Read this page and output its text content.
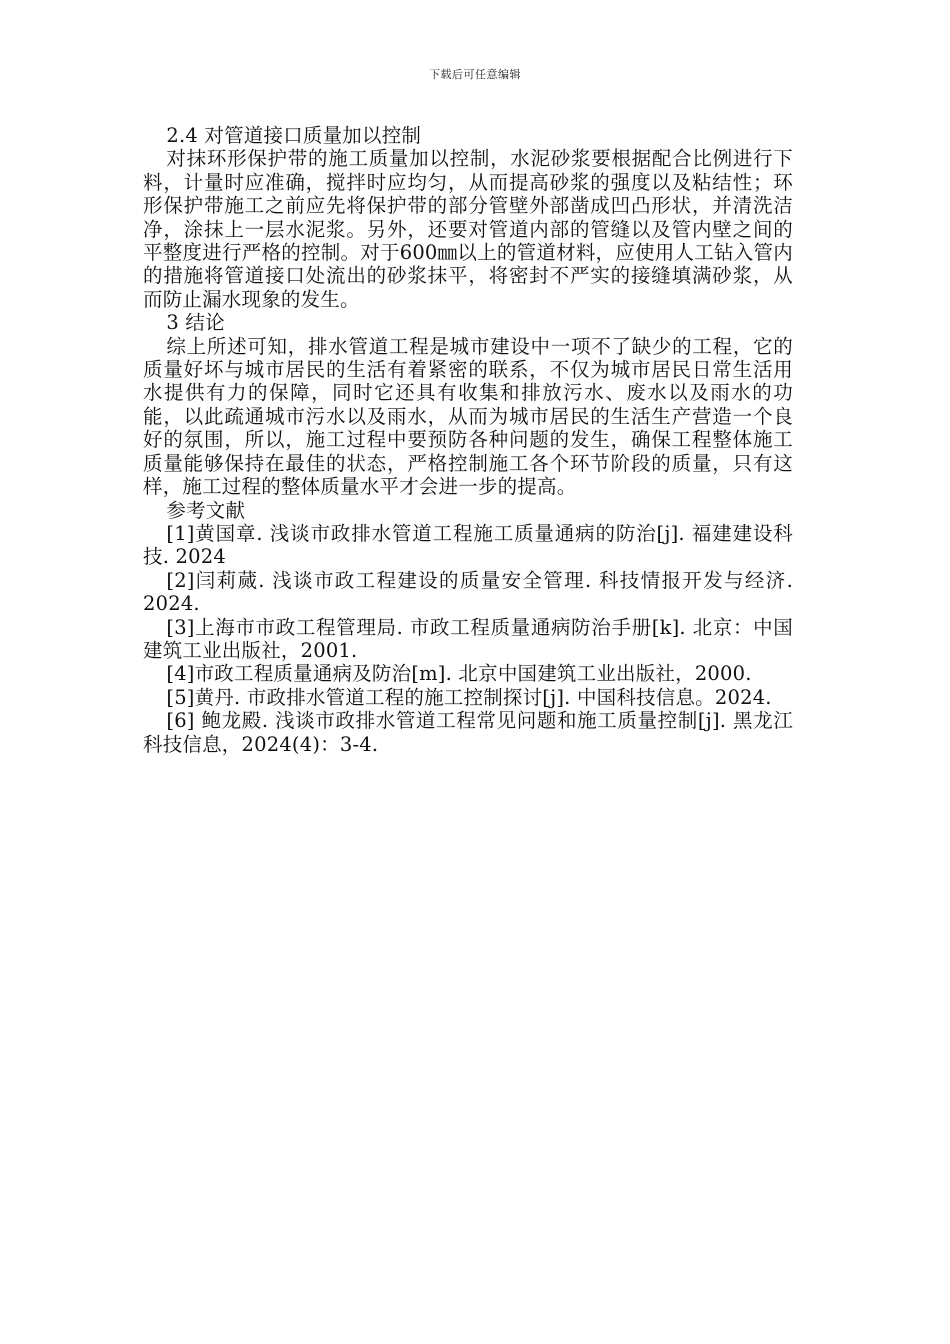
下载后可任意编辑

2.4 对管道接口质量加以控制

对抹环形保护带的施工质量加以控制，水泥砂浆要根据配合比例进行下料，计量时应准确，搅拌时应均匀，从而提高砂浆的强度以及粘结性；环形保护带施工之前应先将保护带的部分管壁外部凿成凹凸形状，并清洗洁净，涂抹上一层水泥浆。另外，还要对管道内部的管缝以及管内壁之间的平整度进行严格的控制。对于600㎜以上的管道材料，应使用人工钻入管内的措施将管道接口处流出的砂浆抹平，将密封不严实的接缝填满砂浆，从而防止漏水现象的发生。

3 结论

综上所述可知，排水管道工程是城市建设中一项不了缺少的工程，它的质量好坏与城市居民的生活有着紧密的联系，不仅为城市居民日常生活用水提供有力的保障，同时它还具有收集和排放污水、废水以及雨水的功能，以此疏通城市污水以及雨水，从而为城市居民的生活生产营造一个良好的氛围，所以，施工过程中要预防各种问题的发生，确保工程整体施工质量能够保持在最佳的状态，严格控制施工各个环节阶段的质量，只有这样，施工过程的整体质量水平才会进一步的提高。

参考文献

[1]黄国章. 浅谈市政排水管道工程施工质量通病的防治[j]. 福建建设科技. 2024

[2]闫莉蒇. 浅谈市政工程建设的质量安全管理. 科技情报开发与经济. 2024.

[3]上海市市政工程管理局. 市政工程质量通病防治手册[k]. 北京：中国建筑工业出版社，2001.

[4]市政工程质量通病及防治[m]. 北京中国建筑工业出版社，2000.

[5]黄丹. 市政排水管道工程的施工控制探讨[j]. 中国科技信息。2024.

[6] 鲍龙殿. 浅谈市政排水管道工程常见问题和施工质量控制[j]. 黑龙江科技信息，2024(4)：3-4.
